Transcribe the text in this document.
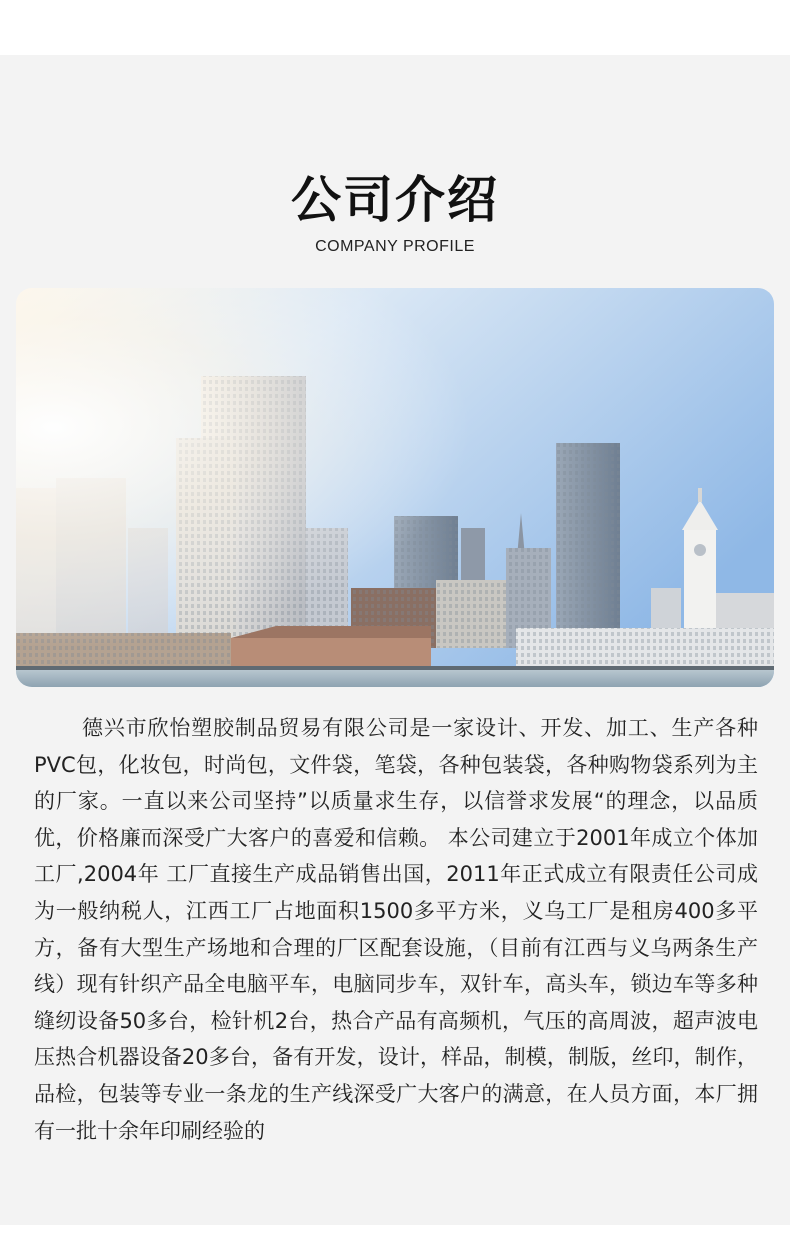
公司介绍
COMPANY PROFILE

德兴市欣怡塑胶制品贸易有限公司是一家设计、开发、加工、生产各种PVC包，化妆包，时尚包，文件袋，笔袋，各种包装袋，各种购物袋系列为主的厂家。一直以来公司坚持”以质量求生存，以信誉求发展“的理念，以品质优，价格廉而深受广大客户的喜爱和信赖。 本公司建立于2001年成立个体加工厂,2004年 工厂直接生产成品销售出国，2011年正式成立有限责任公司成为一般纳税人，江西工厂占地面积1500多平方米，义乌工厂是租房400多平方，备有大型生产场地和合理的厂区配套设施，（目前有江西与义乌两条生产线）现有针织产品全电脑平车，电脑同步车，双针车，高头车，锁边车等多种缝纫设备50多台，检针机2台，热合产品有高频机，气压的高周波，超声波电压热合机器设备20多台，备有开发，设计，样品，制模，制版，丝印，制作，品检，包装等专业一条龙的生产线深受广大客户的满意，在人员方面，本厂拥有一批十余年印刷经验的
